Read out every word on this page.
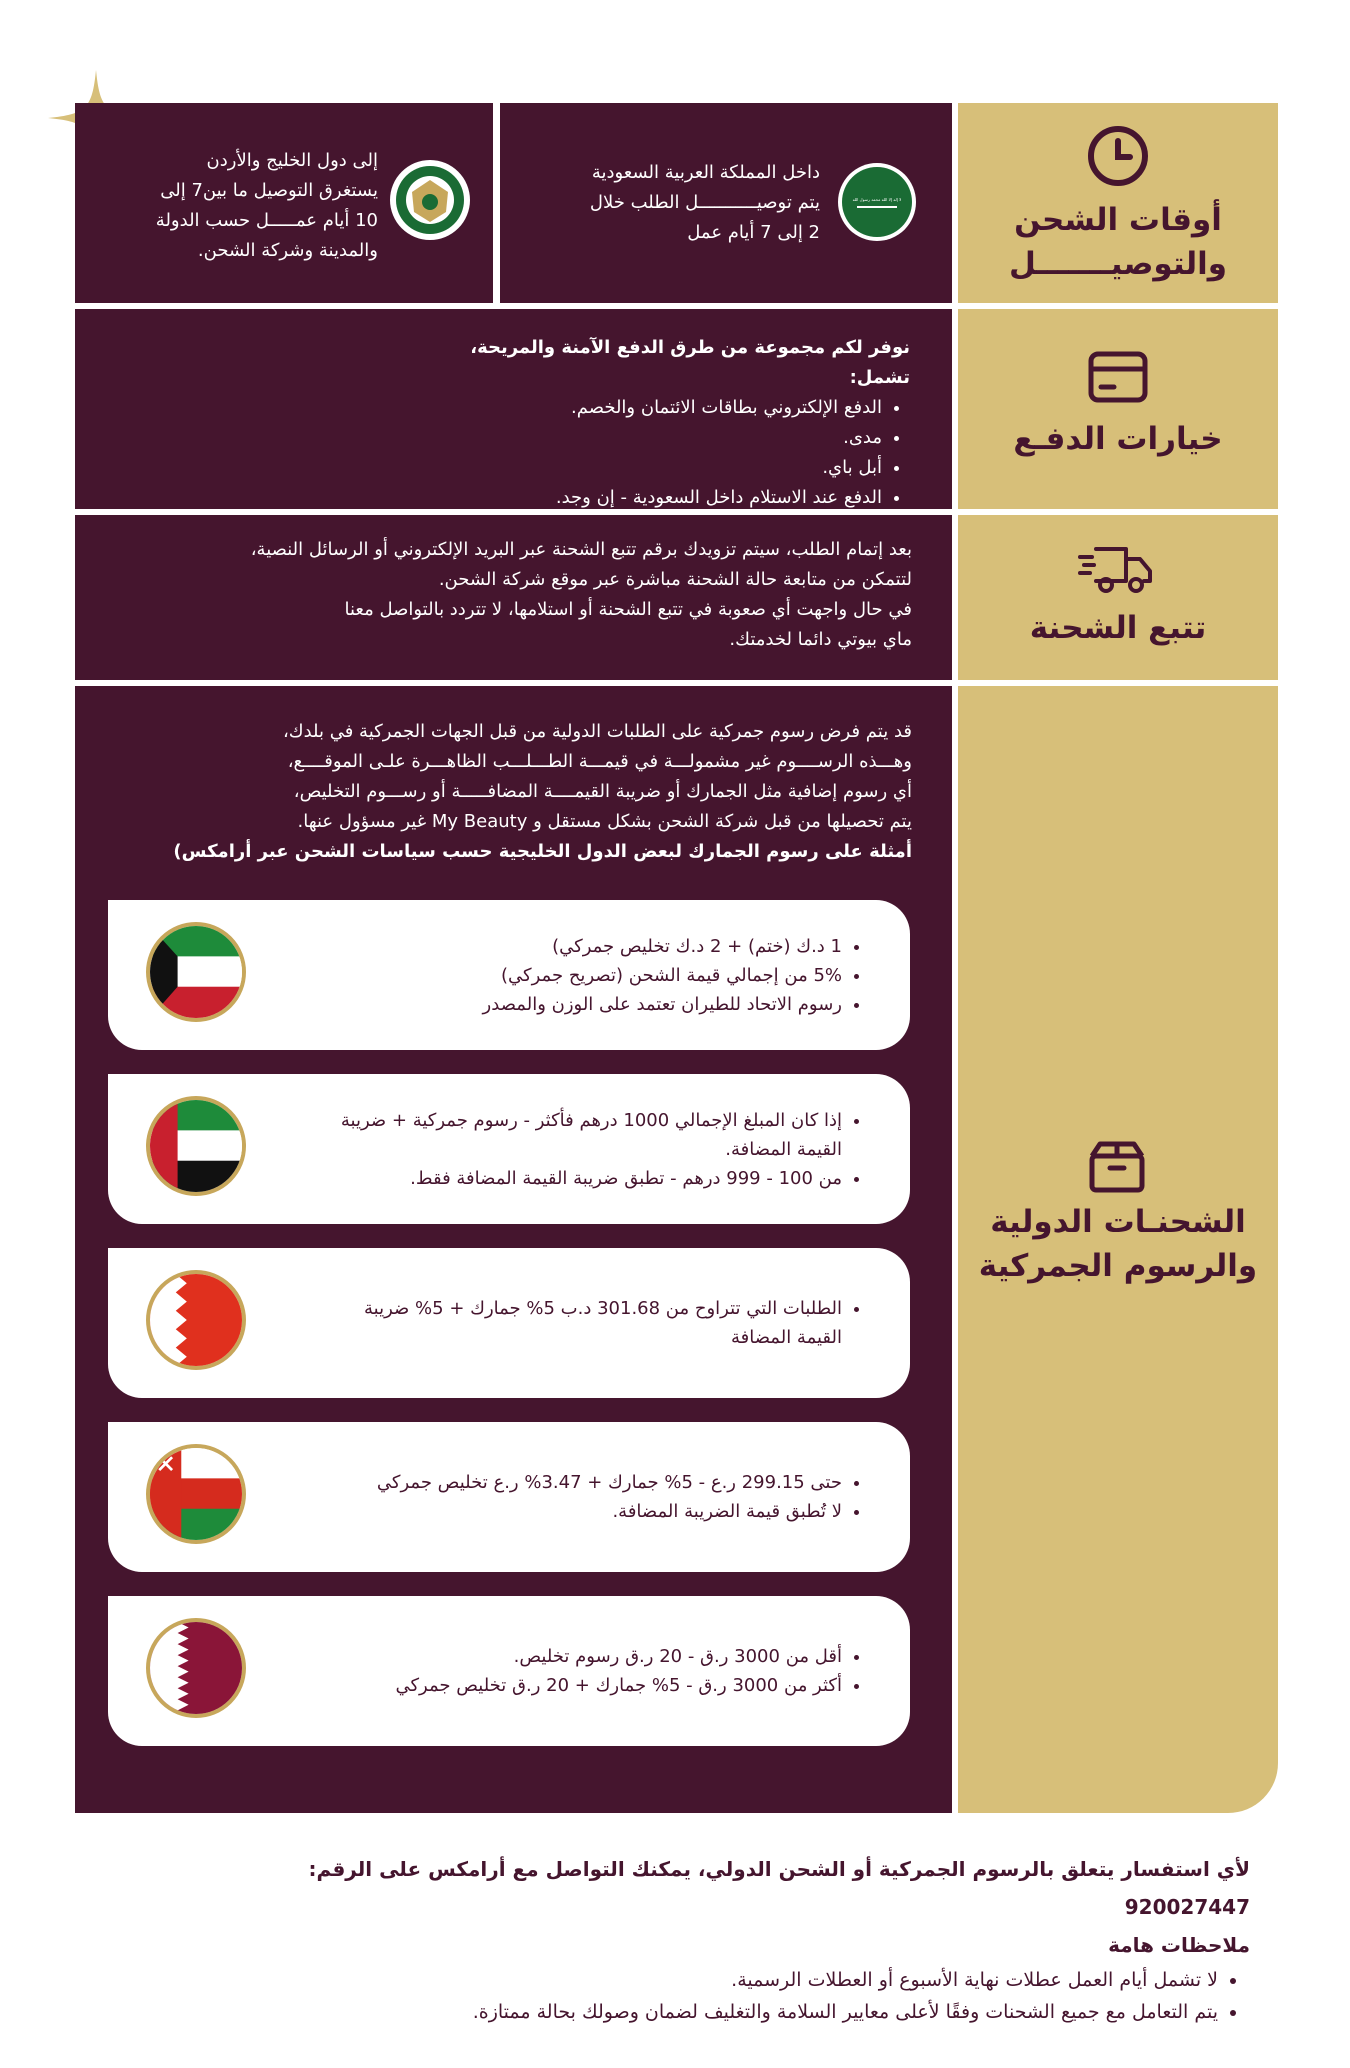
أوقات الشحن
والتوصيـــــــل
لا إله إلا الله محمد رسول الله
داخل المملكة العربية السعودية
يتم توصيـــــــــــل الطلب خلال
2 إلى 7 أيام عمل
إلى دول الخليج والأردن
يستغرق التوصيل ما بين7 إلى
10 أيام عمـــــل حسب الدولة
والمدينة وشركة الشحن.
خيارات الدفـع
نوفر لكم مجموعة من طرق الدفع الآمنة والمريحة، تشمل:
• الدفع الإلكتروني بطاقات الائتمان والخصم.
• مدى.
• أبل باي.
• الدفع عند الاستلام داخل السعودية - إن وجد.
تتبع الشحنة
بعد إتمام الطلب، سيتم تزويدك برقم تتبع الشحنة عبر البريد الإلكتروني أو الرسائل النصية،
لتتمكن من متابعة حالة الشحنة مباشرة عبر موقع شركة الشحن.
في حال واجهت أي صعوبة في تتبع الشحنة أو استلامها، لا تتردد بالتواصل معنا
ماي بيوتي دائما لخدمتك.
الشحنـات الدولية
والرسوم الجمركية
قد يتم فرض رسوم جمركية على الطلبات الدولية من قبل الجهات الجمركية في بلدك،
وهـــذه الرســــوم غير مشمولـــة في قيمـــة الطـــلـــب الظاهـــرة علـى الموقــــع،
أي رسوم إضافية مثل الجمارك أو ضريبة القيمــــة المضافـــــة أو رســـوم التخليص،
يتم تحصيلها من قبل شركة الشحن بشكل مستقل و My Beauty غير مسؤول عنها.
أمثلة على رسوم الجمارك لبعض الدول الخليجية حسب سياسات الشحن عبر أرامكس)
• 1 د.ك (ختم) + 2 د.ك تخليص جمركي)
• 5% من إجمالي قيمة الشحن (تصريح جمركي)
• رسوم الاتحاد للطيران تعتمد على الوزن والمصدر
• إذا كان المبلغ الإجمالي 1000 درهم فأكثر - رسوم جمركية + ضريبة القيمة المضافة.
• من 100 - 999 درهم - تطبق ضريبة القيمة المضافة فقط.
• الطلبات التي تتراوح من 301.68 د.ب 5% جمارك + 5% ضريبة القيمة المضافة
• حتى 299.15 ر.ع - 5% جمارك + 3.47% ر.ع تخليص جمركي
• لا تُطبق قيمة الضريبة المضافة.
• أقل من 3000 ر.ق - 20 ر.ق رسوم تخليص.
• أكثر من 3000 ر.ق - 5% جمارك + 20 ر.ق تخليص جمركي
لأي استفسار يتعلق بالرسوم الجمركية أو الشحن الدولي، يمكنك التواصل مع أرامكس على الرقم: 920027447
ملاحظات هامة
• لا تشمل أيام العمل عطلات نهاية الأسبوع أو العطلات الرسمية.
• يتم التعامل مع جميع الشحنات وفقًا لأعلى معايير السلامة والتغليف لضمان وصولك بحالة ممتازة.
